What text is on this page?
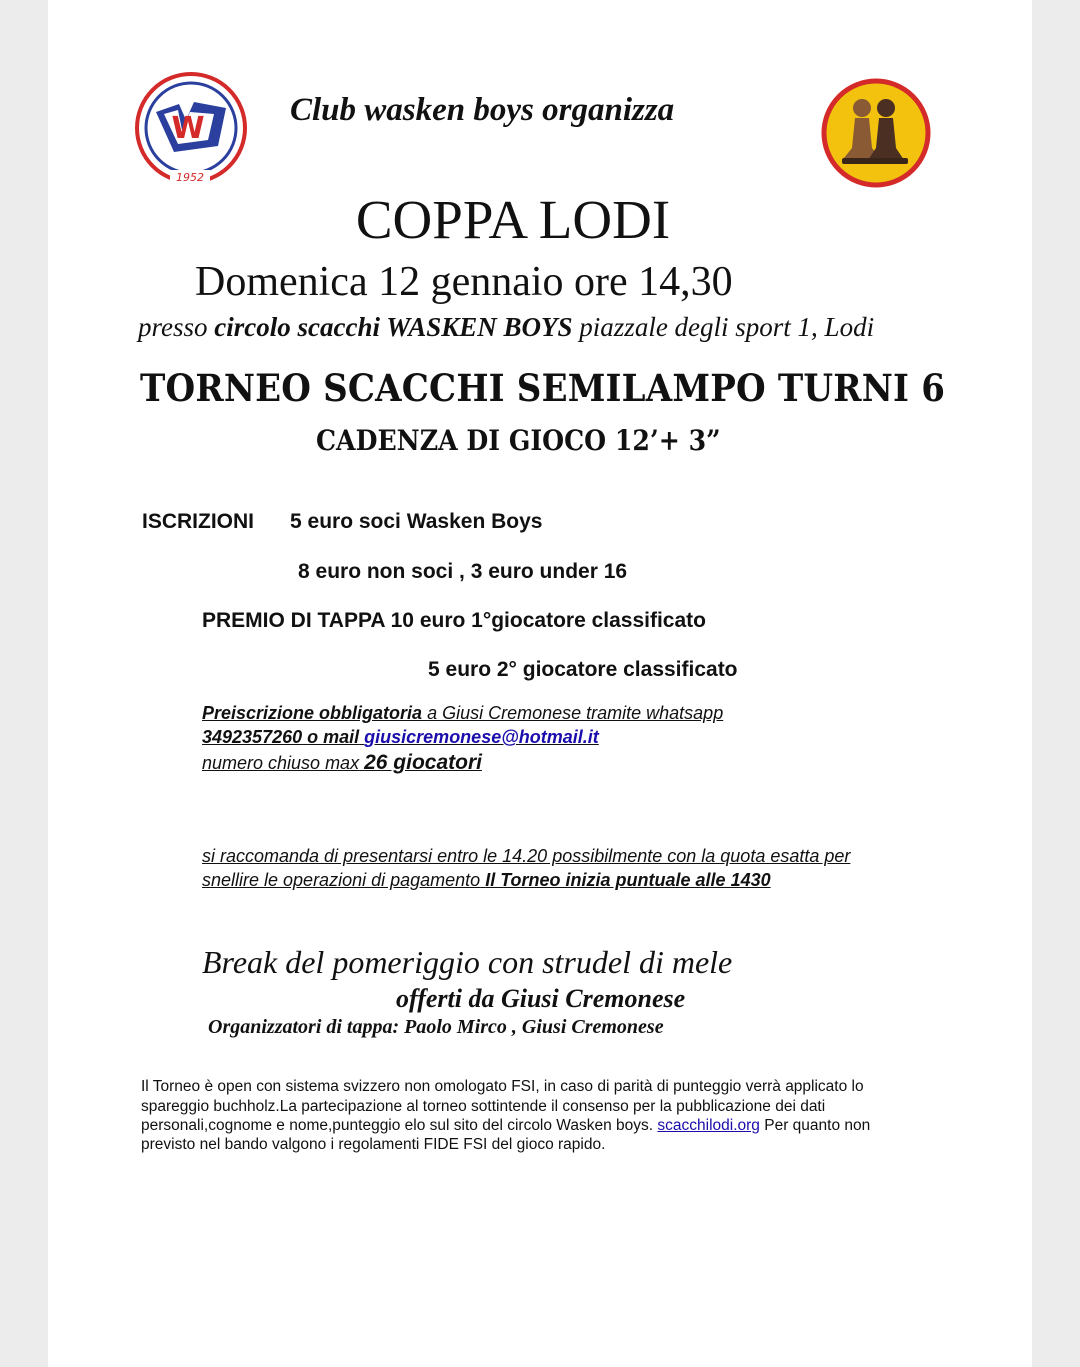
W
1952
Club wasken boys organizza
COPPA LODI
Domenica 12 gennaio ore 14,30
presso circolo scacchi WASKEN BOYS piazzale degli sport 1, Lodi
TORNEO SCACCHI SEMILAMPO TURNI 6
CADENZA DI GIOCO 12’+ 3”
ISCRIZIONI 5 euro soci Wasken Boys
8 euro non soci , 3 euro under 16
PREMIO DI TAPPA 10 euro 1°giocatore classificato
5 euro 2° giocatore classificato
Preiscrizione obbligatoria a Giusi Cremonese tramite whatsapp
3492357260 o mail giusicremonese@hotmail.it
numero chiuso max 26 giocatori
si raccomanda di presentarsi entro le 14.20 possibilmente con la quota esatta per
snellire le operazioni di pagamento Il Torneo inizia puntuale alle 1430
Break del pomeriggio con strudel di mele
offerti da Giusi Cremonese
Organizzatori di tappa: Paolo Mirco , Giusi Cremonese
Il Torneo è open con sistema svizzero non omologato FSI, in caso di parità di punteggio verrà applicato lo
spareggio buchholz.La partecipazione al torneo sottintende il consenso per la pubblicazione dei dati
personali,cognome e nome,punteggio elo sul sito del circolo Wasken boys. scacchilodi.org Per quanto non
previsto nel bando valgono i regolamenti FIDE FSI del gioco rapido.
